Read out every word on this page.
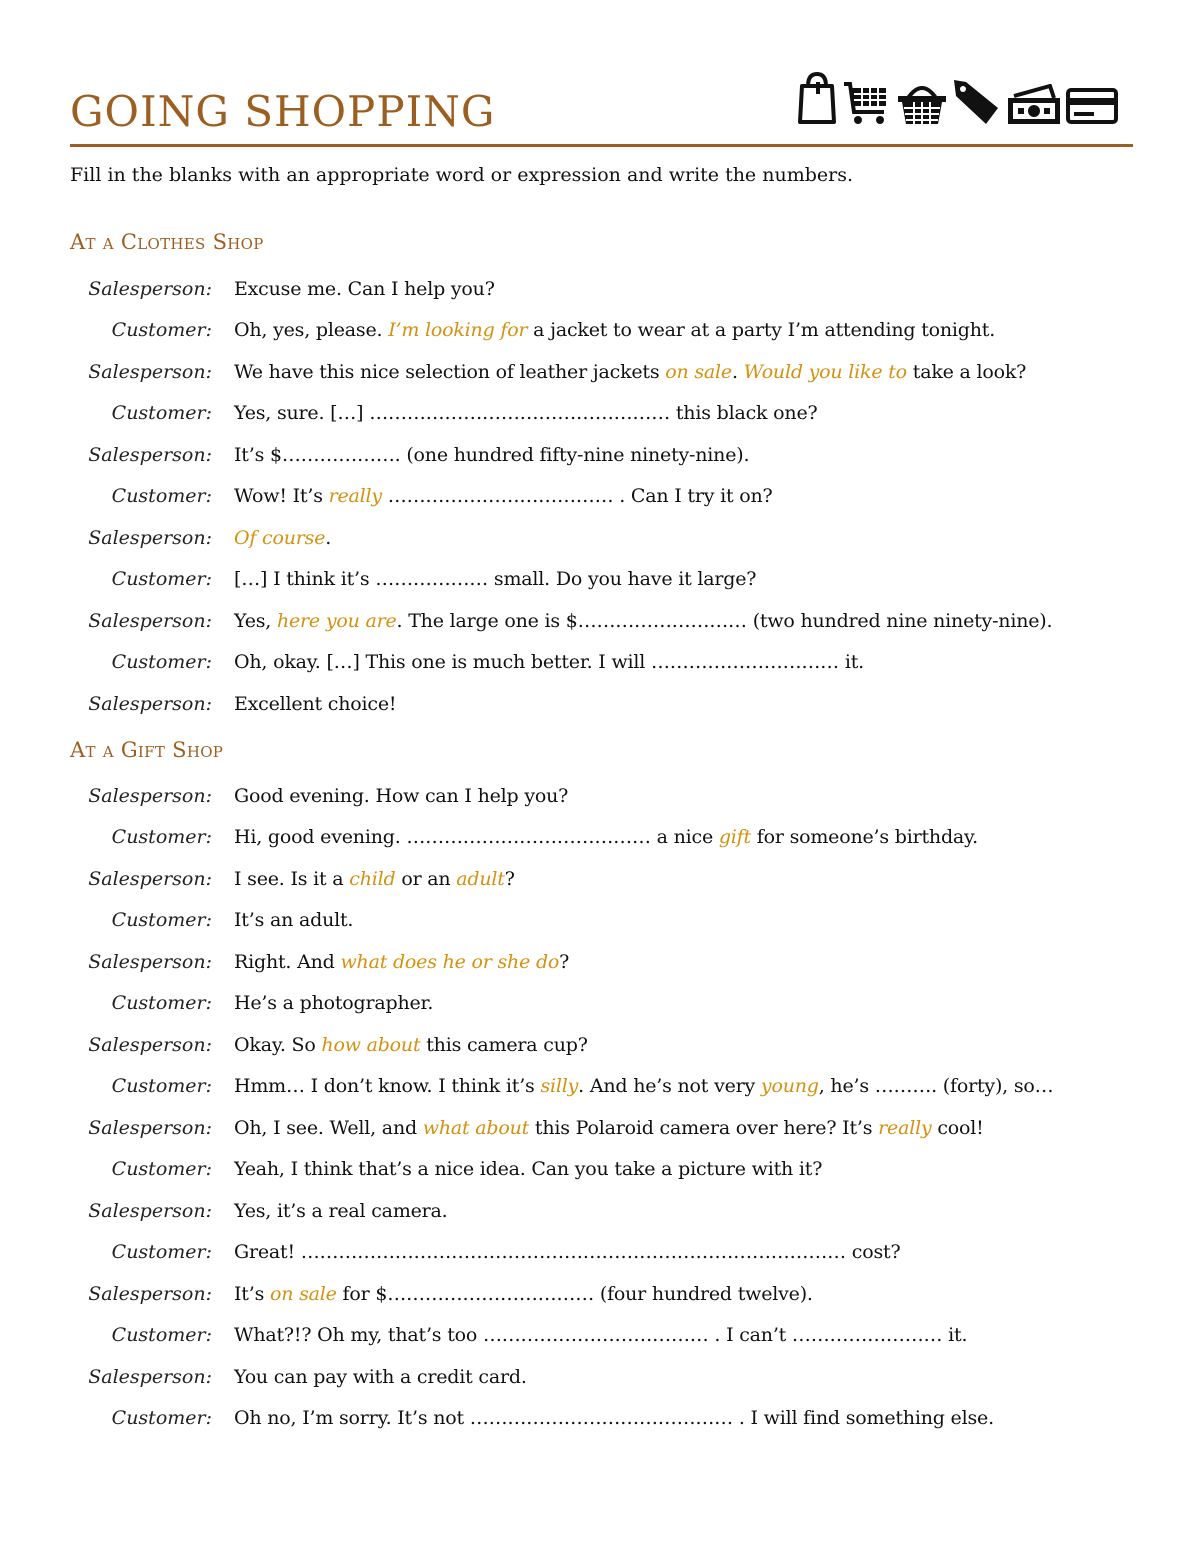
GOING SHOPPING

Fill in the blanks with an appropriate word or expression and write the numbers.

At a Clothes Shop
Salesperson: Excuse me. Can I help you?
Customer: Oh, yes, please. I’m looking for a jacket to wear at a party I’m attending tonight.
Salesperson: We have this nice selection of leather jackets on sale. Would you like to take a look?
Customer: Yes, sure. […] ………………………………………… this black one?
Salesperson: It’s $………………. (one hundred fifty-nine ninety-nine).
Customer: Wow! It’s really ……………………………… . Can I try it on?
Salesperson: Of course.
Customer: […] I think it’s ……………… small. Do you have it large?
Salesperson: Yes, here you are. The large one is $……………………… (two hundred nine ninety-nine).
Customer: Oh, okay. […] This one is much better. I will ………………………… it.
Salesperson: Excellent choice!
At a Gift Shop
Salesperson: Good evening. How can I help you?
Customer: Hi, good evening. ………………………………… a nice gift for someone’s birthday.
Salesperson: I see. Is it a child or an adult?
Customer: It’s an adult.
Salesperson: Right. And what does he or she do?
Customer: He’s a photographer.
Salesperson: Okay. So how about this camera cup?
Customer: Hmm… I don’t know. I think it’s silly. And he’s not very young, he’s ………. (forty), so…
Salesperson: Oh, I see. Well, and what about this Polaroid camera over here? It’s really cool!
Customer: Yeah, I think that’s a nice idea. Can you take a picture with it?
Salesperson: Yes, it’s a real camera.
Customer: Great! …………………………………………………………………………… cost?
Salesperson: It’s on sale for $…………………………… (four hundred twelve).
Customer: What?!? Oh my, that’s too ……………………………… . I can’t …………………… it.
Salesperson: You can pay with a credit card.
Customer: Oh no, I’m sorry. It’s not …………………………………… . I will find something else.
